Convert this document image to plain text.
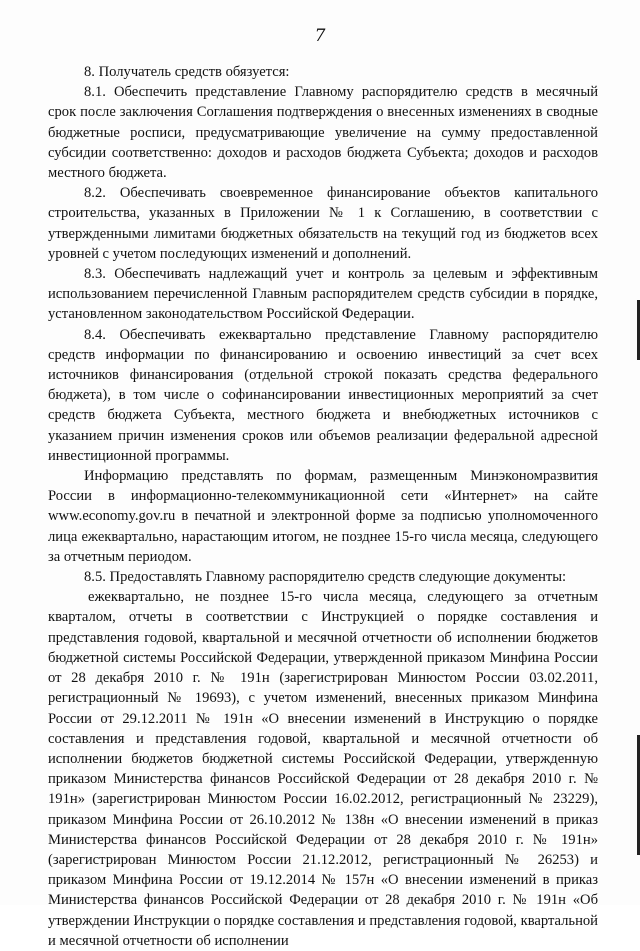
7

8. Получатель средств обязуется:

8.1. Обеспечить представление Главному распорядителю средств в месячный срок после заключения Соглашения подтверждения о внесенных изменениях в сводные бюджетные росписи, предусматривающие увеличение на сумму предоставленной субсидии соответственно: доходов и расходов бюджета Субъекта; доходов и расходов местного бюджета.

8.2. Обеспечивать своевременное финансирование объектов капитального строительства, указанных в Приложении № 1 к Соглашению, в соответствии с утвержденными лимитами бюджетных обязательств на текущий год из бюджетов всех уровней с учетом последующих изменений и дополнений.

8.3. Обеспечивать надлежащий учет и контроль за целевым и эффективным использованием перечисленной Главным распорядителем средств субсидии в порядке, установленном законодательством Российской Федерации.

8.4. Обеспечивать ежеквартально представление Главному распорядителю средств информации по финансированию и освоению инвестиций за счет всех источников финансирования (отдельной строкой показать средства федерального бюджета), в том числе о софинансировании инвестиционных мероприятий за счет средств бюджета Субъекта, местного бюджета и внебюджетных источников с указанием причин изменения сроков или объемов реализации федеральной адресной инвестиционной программы.

Информацию представлять по формам, размещенным Минэкономразвития России в информационно-телекоммуникационной сети «Интернет» на сайте www.economy.gov.ru в печатной и электронной форме за подписью уполномоченного лица ежеквартально, нарастающим итогом, не позднее 15-го числа месяца, следующего за отчетным периодом.

8.5. Предоставлять Главному распорядителю средств следующие документы:

ежеквартально, не позднее 15-го числа месяца, следующего за отчетным кварталом, отчеты в соответствии с Инструкцией о порядке составления и представления годовой, квартальной и месячной отчетности об исполнении бюджетов бюджетной системы Российской Федерации, утвержденной приказом Минфина России от 28 декабря 2010 г. № 191н (зарегистрирован Минюстом России 03.02.2011, регистрационный № 19693), с учетом изменений, внесенных приказом Минфина России от 29.12.2011 № 191н «О внесении изменений в Инструкцию о порядке составления и представления годовой, квартальной и месячной отчетности об исполнении бюджетов бюджетной системы Российской Федерации, утвержденную приказом Министерства финансов Российской Федерации от 28 декабря 2010 г. № 191н» (зарегистрирован Минюстом России 16.02.2012, регистрационный № 23229), приказом Минфина России от 26.10.2012 № 138н «О внесении изменений в приказ Министерства финансов Российской Федерации от 28 декабря 2010 г. № 191н» (зарегистрирован Минюстом России 21.12.2012, регистрационный № 26253) и приказом Минфина России от 19.12.2014 № 157н «О внесении изменений в приказ Министерства финансов Российской Федерации от 28 декабря 2010 г. № 191н «Об утверждении Инструкции о порядке составления и представления годовой, квартальной и месячной отчетности об исполнении
